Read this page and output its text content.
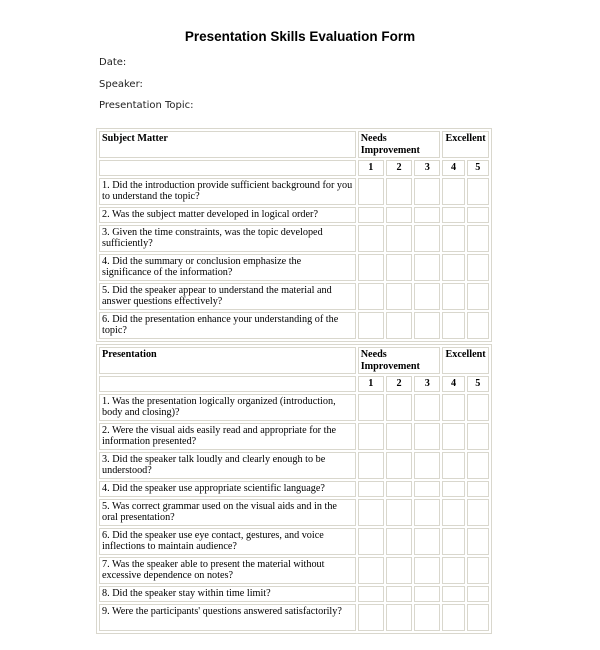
Presentation Skills Evaluation Form
Date:
Speaker:
Presentation Topic:
Subject Matter	Needs Improvement			Excellent	
	1	2	3	4	5
1. Did the introduction provide sufficient background for you to understand the topic?					
2. Was the subject matter developed in logical order?					
3. Given the time constraints, was the topic developed sufficiently?					
4. Did the summary or conclusion emphasize the significance of the information?					
5. Did the speaker appear to understand the material and answer questions effectively?					
6. Did the presentation enhance your understanding of the topic?					
Presentation	Needs Improvement			Excellent	
	1	2	3	4	5
1. Was the presentation logically organized (introduction, body and closing)?					
2. Were the visual aids easily read and appropriate for the information presented?					
3. Did the speaker talk loudly and clearly enough to be understood?					
4. Did the speaker use appropriate scientific language?					
5. Was correct grammar used on the visual aids and in the oral presentation?					
6. Did the speaker use eye contact, gestures, and voice inflections to maintain audience?					
7. Was the speaker able to present the material without excessive dependence on notes?					
8. Did the speaker stay within time limit?					
9. Were the participants' questions answered satisfactorily?					
